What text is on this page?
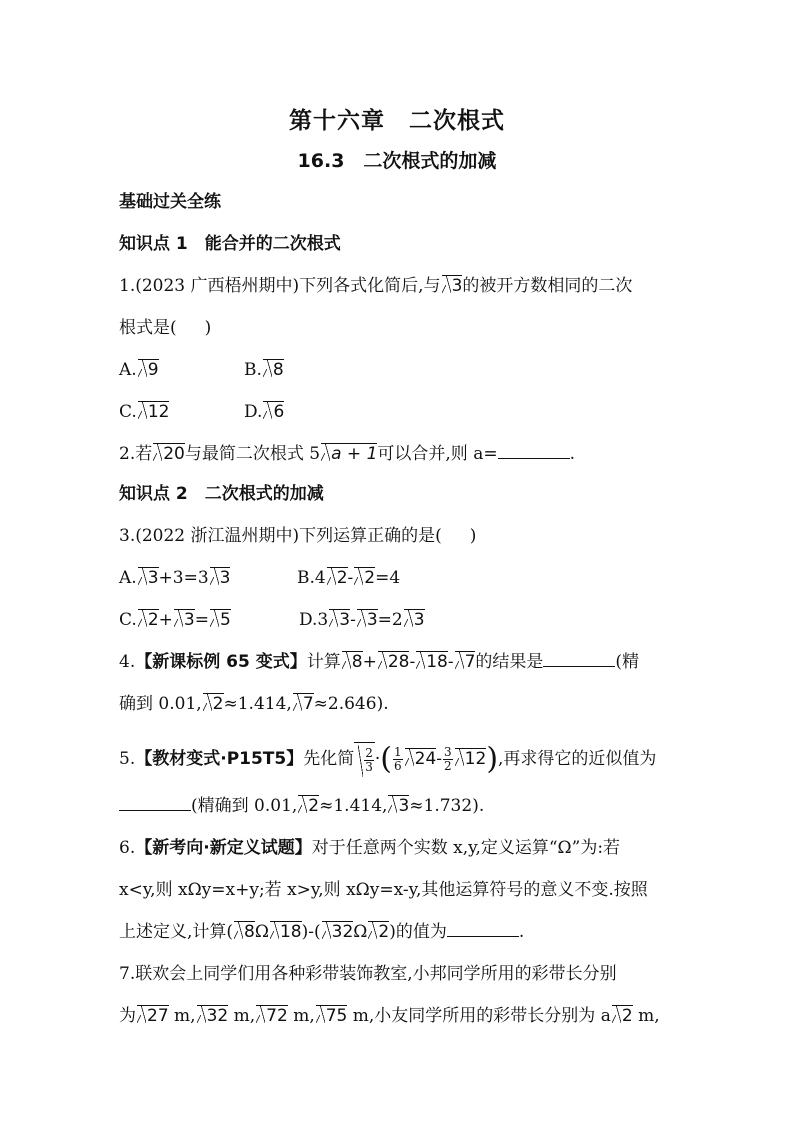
第十六章　二次根式
16.3　二次根式的加减
基础过关全练
知识点 1　能合并的二次根式
1.(2023 广西梧州期中)下列各式化简后,与 3的被开方数相同的二次
根式是( )
A. 9	B. 8
C. 12	D. 6
2.若 20与最简二次根式 5 a + 1可以合并,则 a=	.
知识点 2　二次根式的加减
3.(2022 浙江温州期中)下列运算正确的是( )
A. 3+3=3 3	B.4 2- 2=4
C. 2+ 3= 5	D.3 3- 3=2 3
4.【新课标例 65 变式】计算 8+ 28- 18- 7的结果是	(精
确到 0.01, 2≈1.414, 7≈2.646).
5.【教材变式·P15T5】先化简 $\frac{2}{3}$ ·( $\frac{1}{6} 24- \frac{3}{2} 12$),再求得它的近似值为
(精确到 0.01, 2≈1.414, 3≈1.732).
6.【新考向·新定义试题】对于任意两个实数 x,y,定义运算“Ω”为:若
x<y,则 xΩy=x+y;若 x>y,则 xΩy=x-y,其他运算符号的意义不变.按照
上述定义,计算( 8Ω 18)-( 32Ω 2)的值为	.
7.联欢会上同学们用各种彩带装饰教室,小邦同学所用的彩带长分别
为 27 m, 32 m, 72 m, 75 m,小友同学所用的彩带长分别为 a 2 m,
